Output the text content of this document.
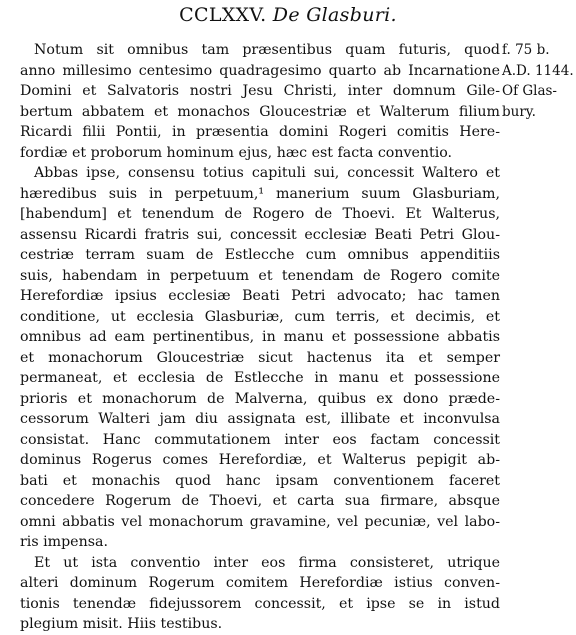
CCLXXV. De Glasburi.
Notum sit omnibus tam præsentibus quam futuris, quod
anno millesimo centesimo quadragesimo quarto ab Incarnatione
Domini et Salvatoris nostri Jesu Christi, inter domnum Gile-
bertum abbatem et monachos Gloucestriæ et Walterum filium
Ricardi filii Pontii, in præsentia domini Rogeri comitis Here-
fordiæ et proborum hominum ejus, hæc est facta conventio.
Abbas ipse, consensu totius capituli sui, concessit Waltero et
hæredibus suis in perpetuum,¹ manerium suum Glasburiam,
[habendum] et tenendum de Rogero de Thoevi. Et Walterus,
assensu Ricardi fratris sui, concessit ecclesiæ Beati Petri Glou-
cestriæ terram suam de Estlecche cum omnibus appenditiis
suis, habendam in perpetuum et tenendam de Rogero comite
Herefordiæ ipsius ecclesiæ Beati Petri advocato; hac tamen
conditione, ut ecclesia Glasburiæ, cum terris, et decimis, et
omnibus ad eam pertinentibus, in manu et possessione abbatis
et monachorum Gloucestriæ sicut hactenus ita et semper
permaneat, et ecclesia de Estlecche in manu et possessione
prioris et monachorum de Malverna, quibus ex dono præde-
cessorum Walteri jam diu assignata est, illibate et inconvulsa
consistat. Hanc commutationem inter eos factam concessit
dominus Rogerus comes Herefordiæ, et Walterus pepigit ab-
bati et monachis quod hanc ipsam conventionem faceret
concedere Rogerum de Thoevi, et carta sua firmare, absque
omni abbatis vel monachorum gravamine, vel pecuniæ, vel labo-
ris impensa.
Et ut ista conventio inter eos firma consisteret, utrique
alteri dominum Rogerum comitem Herefordiæ istius conven-
tionis tenendæ fidejussorem concessit, et ipse se in istud
plegium misit. Hiis testibus.
f. 75 b.
A.D. 1144.
Of Glas-
bury.
